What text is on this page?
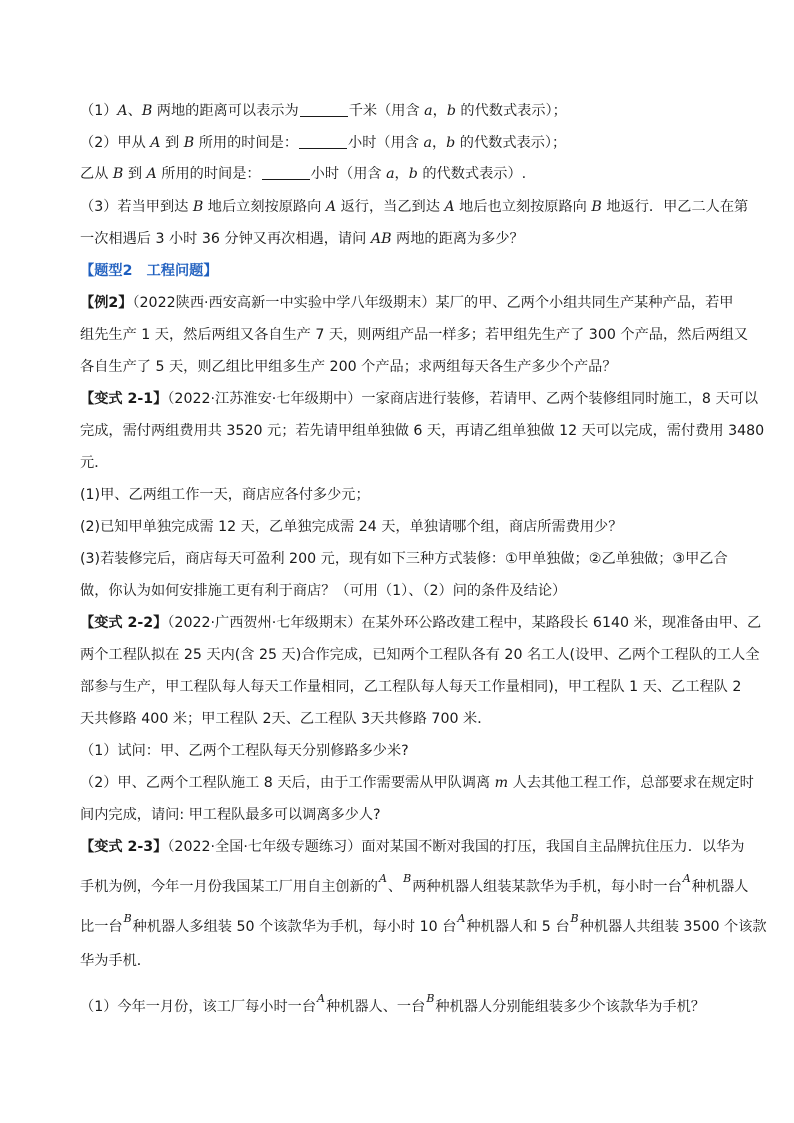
（1）A、B 两地的距离可以表示为	千米（用含 a，b 的代数式表示）；
（2）甲从 A 到 B 所用的时间是：	小时（用含 a，b 的代数式表示）；
乙从 B 到 A 所用的时间是：	小时（用含 a，b 的代数式表示）.
（3）若当甲到达 B 地后立刻按原路向 A 返行，当乙到达 A 地后也立刻按原路向 B 地返行．甲乙二人在第
一次相遇后 3 小时 36 分钟又再次相遇，请问 AB 两地的距离为多少？
【题型2　工程问题】
【例2】（2022陕西·西安高新一中实验中学八年级期末）某厂的甲、乙两个小组共同生产某种产品，若甲
组先生产 1 天，然后两组又各自生产 7 天，则两组产品一样多；若甲组先生产了 300 个产品，然后两组又
各自生产了 5 天，则乙组比甲组多生产 200 个产品；求两组每天各生产多少个产品？
【变式 2-1】（2022·江苏淮安·七年级期中）一家商店进行装修，若请甲、乙两个装修组同时施工，8 天可以
完成，需付两组费用共 3520 元；若先请甲组单独做 6 天，再请乙组单独做 12 天可以完成，需付费用 3480
元．
(1)甲、乙两组工作一天，商店应各付多少元；
(2)已知甲单独完成需 12 天，乙单独完成需 24 天，单独请哪个组，商店所需费用少？
(3)若装修完后，商店每天可盈利 200 元，现有如下三种方式装修：①甲单独做；②乙单独做；③甲乙合
做，你认为如何安排施工更有利于商店？（可用（1）、（2）问的条件及结论）
【变式 2-2】（2022·广西贺州·七年级期末）在某外环公路改建工程中，某路段长 6140 米，现准备由甲、乙
两个工程队拟在 25 天内(含 25 天)合作完成，已知两个工程队各有 20 名工人(设甲、乙两个工程队的工人全
部参与生产，甲工程队每人每天工作量相同，乙工程队每人每天工作量相同)，甲工程队 1 天、乙工程队 2
天共修路 400 米；甲工程队 2天、乙工程队 3天共修路 700 米．
（1）试问：甲、乙两个工程队每天分别修路多少米?
（2）甲、乙两个工程队施工 8 天后，由于工作需要需从甲队调离 m 人去其他工程工作，总部要求在规定时
间内完成，请问: 甲工程队最多可以调离多少人?
【变式 2-3】（2022·全国·七年级专题练习）面对某国不断对我国的打压，我国自主品牌抗住压力．以华为
手机为例，今年一月份我国某工厂用自主创新的$^A$、$^B$两种机器人组装某款华为手机，每小时一台$^A$种机器人
比一台$^B$种机器人多组装 50 个该款华为手机，每小时 10 台$^A$种机器人和 5 台$^B$种机器人共组装 3500 个该款
华为手机．
（1）今年一月份，该工厂每小时一台$^A$种机器人、一台$^B$种机器人分别能组装多少个该款华为手机？
